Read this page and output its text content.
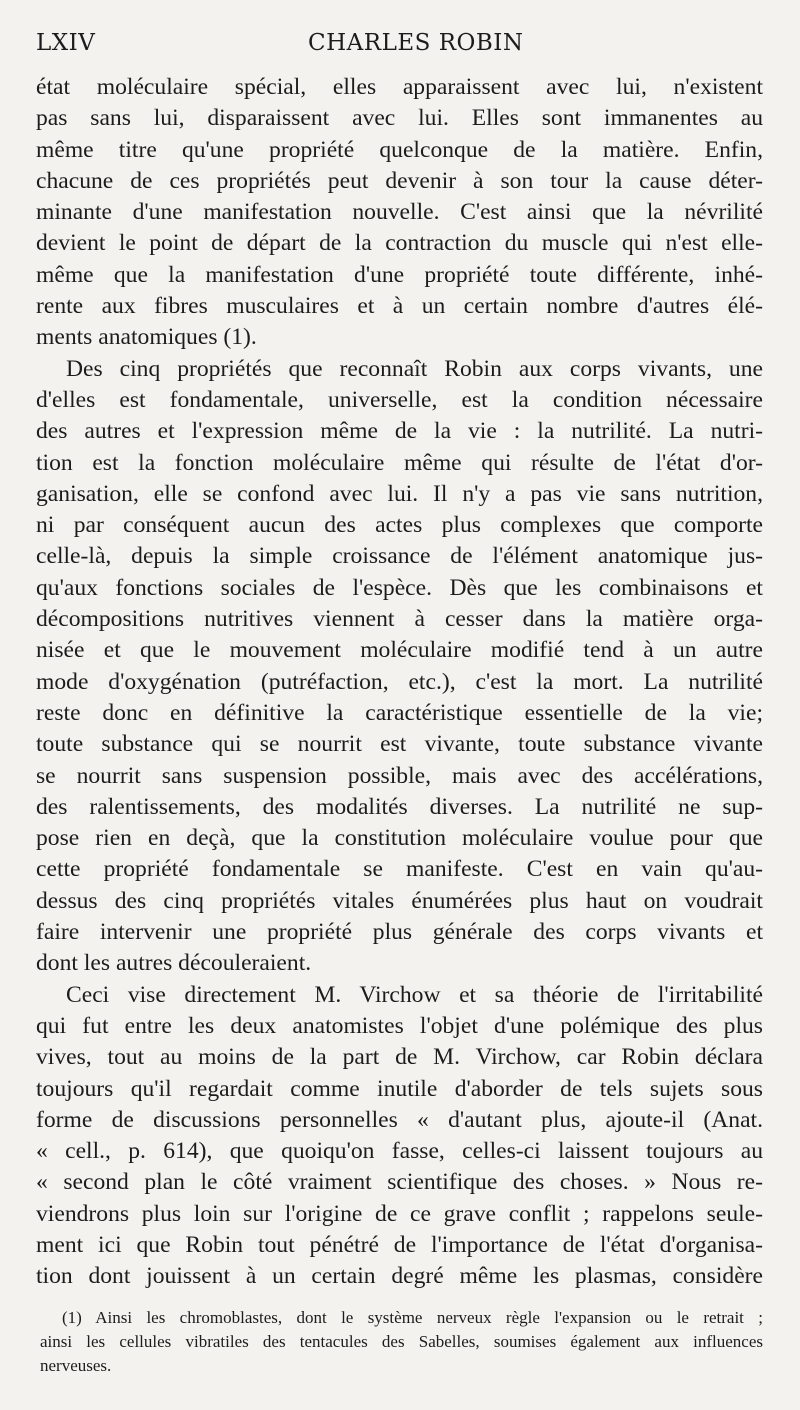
LXIV	CHARLES ROBIN
état moléculaire spécial, elles apparaissent avec lui, n'existent
pas sans lui, disparaissent avec lui. Elles sont immanentes au
même titre qu'une propriété quelconque de la matière. Enfin,
chacune de ces propriétés peut devenir à son tour la cause déter-
minante d'une manifestation nouvelle. C'est ainsi que la névrilité
devient le point de départ de la contraction du muscle qui n'est elle-
même que la manifestation d'une propriété toute différente, inhé-
rente aux fibres musculaires et à un certain nombre d'autres élé-
ments anatomiques (1).
Des cinq propriétés que reconnaît Robin aux corps vivants, une
d'elles est fondamentale, universelle, est la condition nécessaire
des autres et l'expression même de la vie : la nutrilité. La nutri-
tion est la fonction moléculaire même qui résulte de l'état d'or-
ganisation, elle se confond avec lui. Il n'y a pas vie sans nutrition,
ni par conséquent aucun des actes plus complexes que comporte
celle-là, depuis la simple croissance de l'élément anatomique jus-
qu'aux fonctions sociales de l'espèce. Dès que les combinaisons et
décompositions nutritives viennent à cesser dans la matière orga-
nisée et que le mouvement moléculaire modifié tend à un autre
mode d'oxygénation (putréfaction, etc.), c'est la mort. La nutrilité
reste donc en définitive la caractéristique essentielle de la vie;
toute substance qui se nourrit est vivante, toute substance vivante
se nourrit sans suspension possible, mais avec des accélérations,
des ralentissements, des modalités diverses. La nutrilité ne sup-
pose rien en deçà, que la constitution moléculaire voulue pour que
cette propriété fondamentale se manifeste. C'est en vain qu'au-
dessus des cinq propriétés vitales énumérées plus haut on voudrait
faire intervenir une propriété plus générale des corps vivants et
dont les autres découleraient.
Ceci vise directement M. Virchow et sa théorie de l'irritabilité
qui fut entre les deux anatomistes l'objet d'une polémique des plus
vives, tout au moins de la part de M. Virchow, car Robin déclara
toujours qu'il regardait comme inutile d'aborder de tels sujets sous
forme de discussions personnelles « d'autant plus, ajoute-il (Anat.
« cell., p. 614), que quoiqu'on fasse, celles-ci laissent toujours au
« second plan le côté vraiment scientifique des choses. » Nous re-
viendrons plus loin sur l'origine de ce grave conflit ; rappelons seule-
ment ici que Robin tout pénétré de l'importance de l'état d'organisa-
tion dont jouissent à un certain degré même les plasmas, considère
(1) Ainsi les chromoblastes, dont le système nerveux règle l'expansion ou le retrait ;
ainsi les cellules vibratiles des tentacules des Sabelles, soumises également aux influences
nerveuses.
